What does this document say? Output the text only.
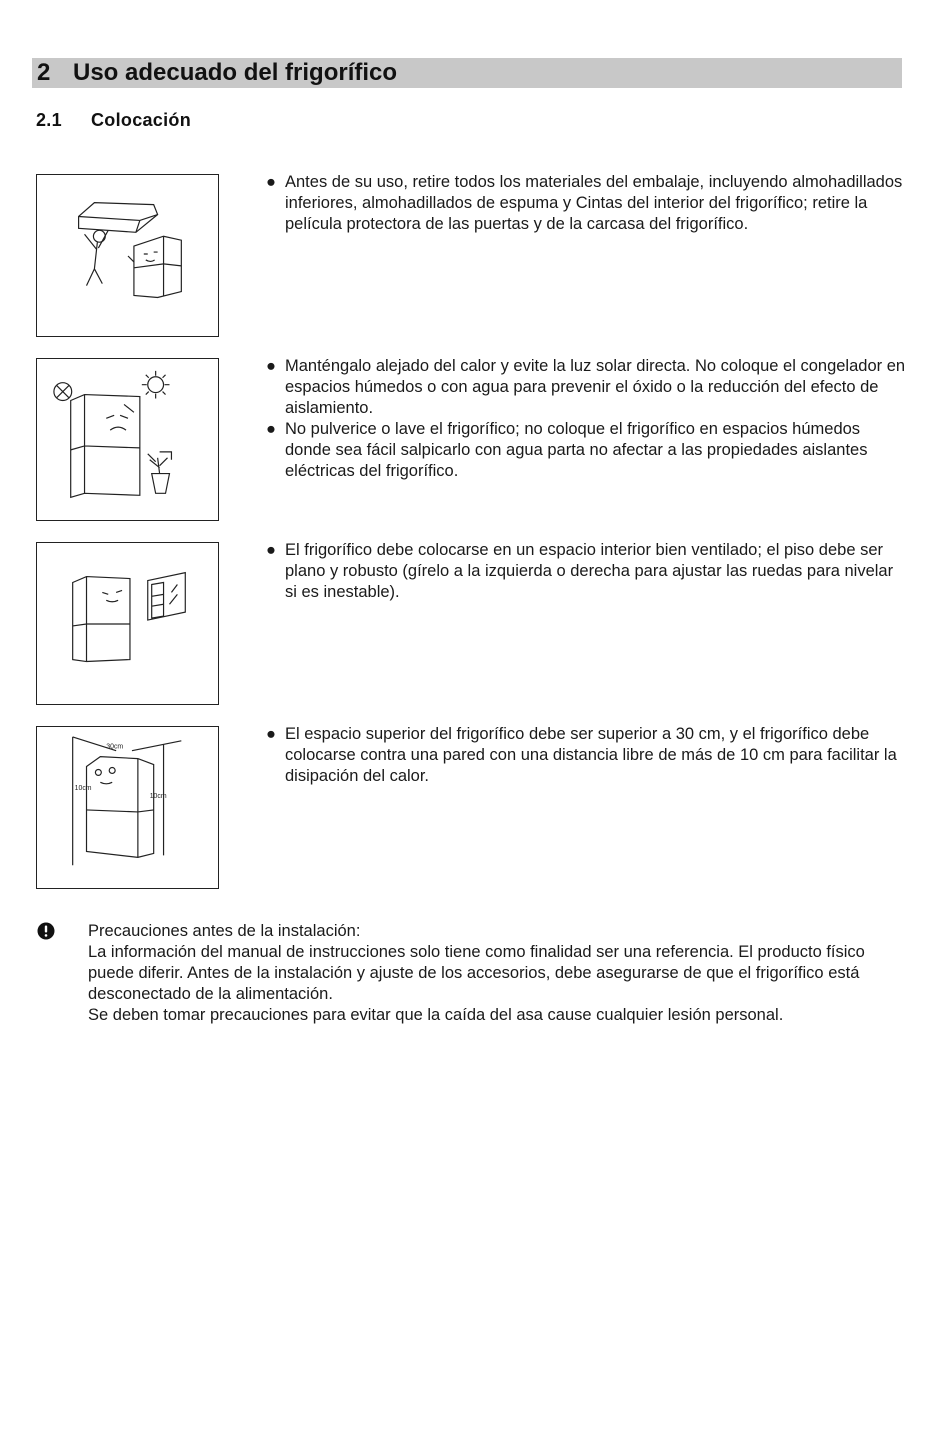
2 Uso adecuado del frigorífico
2.1 Colocación
● Antes de su uso, retire todos los materiales del embalaje, incluyendo almohadillados inferiores, almohadillados de espuma y Cintas del interior del frigorífico; retire la película protectora de las puertas y de la carcasa del frigorífico.
● Manténgalo alejado del calor y evite la luz solar directa. No coloque el congelador en espacios húmedos o con agua para prevenir el óxido o la reducción del efecto de aislamiento.
● No pulverice o lave el frigorífico; no coloque el frigorífico en espacios húmedos donde sea fácil salpicarlo con agua parta no afectar a las propiedades aislantes eléctricas del frigorífico.
● El frigorífico debe colocarse en un espacio interior bien ventilado; el piso debe ser plano y robusto (gírelo a la izquierda o derecha para ajustar las ruedas para nivelar si es inestable).
30cm
10cm
10cm
● El espacio superior del frigorífico debe ser superior a 30 cm, y el frigorífico debe colocarse contra una pared con una distancia libre de más de 10 cm para facilitar la disipación del calor.

Precauciones antes de la instalación:

La información del manual de instrucciones solo tiene como finalidad ser una referencia. El producto físico puede diferir. Antes de la instalación y ajuste de los accesorios, debe asegurarse de que el frigorífico está desconectado de la alimentación.

Se deben tomar precauciones para evitar que la caída del asa cause cualquier lesión personal.
